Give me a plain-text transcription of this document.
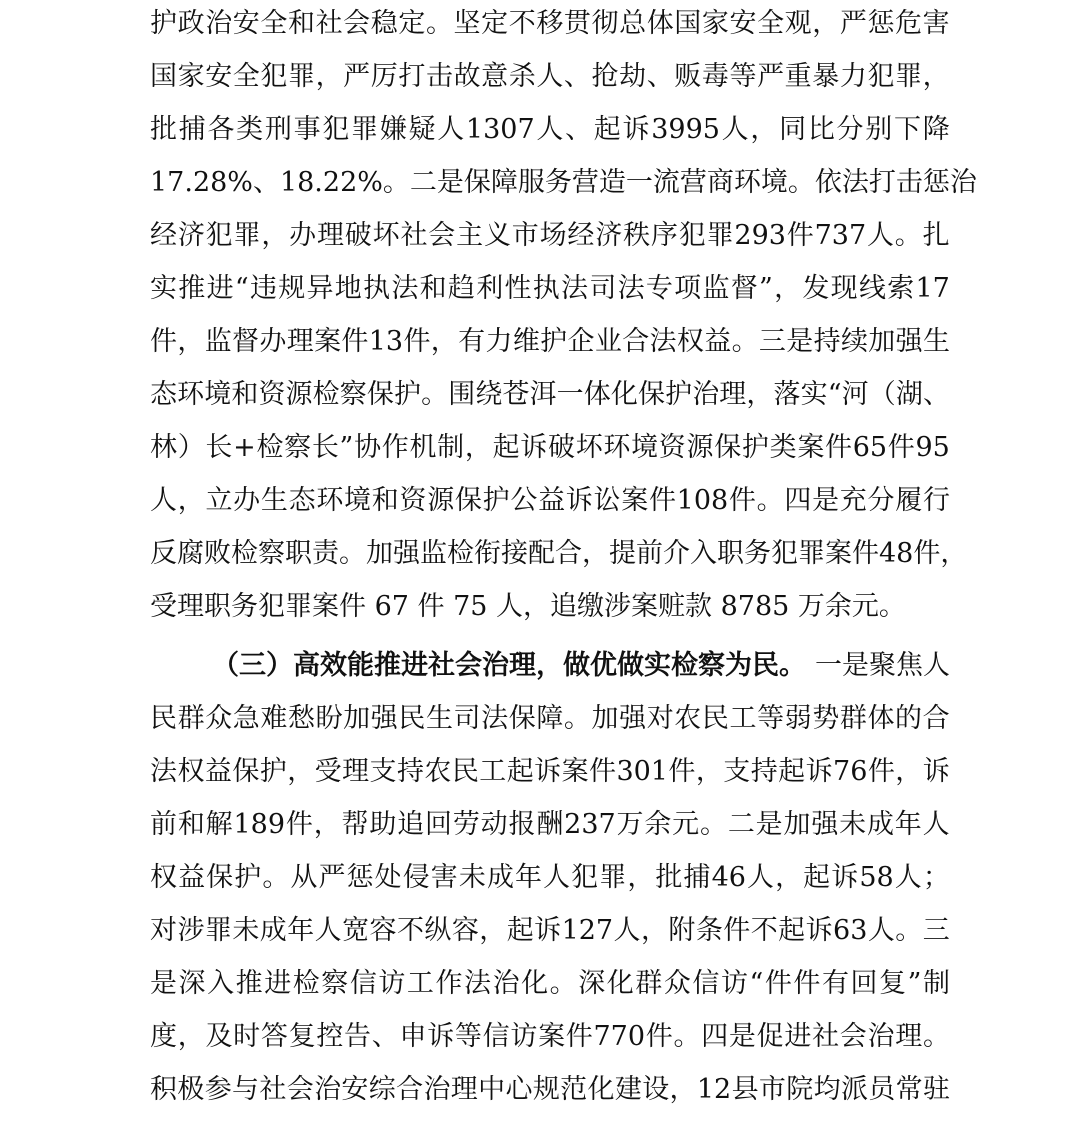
护 政 治 安 全 和 社 会 稳 定 。 坚 定 不 移 贯 彻 总 体 国 家 安 全 观 ， 严 惩 危 害
国 家 安 全 犯 罪 ， 严 厉 打 击 故 意 杀 人 、 抢 劫 、 贩 毒 等 严 重 暴 力 犯 罪 ，
批 捕 各 类 刑 事 犯 罪 嫌 疑 人 1307 人 、 起 诉 3995 人 ， 同 比 分 别 下 降
17.28% 、 18.22% 。 二 是 保 障 服 务 营 造 一 流 营 商 环 境 。 依 法 打 击 惩 治
经 济 犯 罪 ， 办 理 破 坏 社 会 主 义 市 场 经 济 秩 序 犯 罪 293 件 737 人 。 扎
实 推 进 “ 违 规 异 地 执 法 和 趋 利 性 执 法 司 法 专 项 监 督 ” ， 发 现 线 索 17
件 ， 监 督 办 理 案 件 13 件 ， 有 力 维 护 企 业 合 法 权 益 。 三 是 持 续 加 强 生
态 环 境 和 资 源 检 察 保 护 。 围 绕 苍 洱 一 体 化 保 护 治 理 ， 落 实 “ 河 （ 湖 、
林 ） 长 + 检 察 长 ” 协 作 机 制 ， 起 诉 破 坏 环 境 资 源 保 护 类 案 件 65 件 95
人 ， 立 办 生 态 环 境 和 资 源 保 护 公 益 诉 讼 案 件 108 件 。 四 是 充 分 履 行
反 腐 败 检 察 职 责 。 加 强 监 检 衔 接 配 合 ， 提 前 介 入 职 务 犯 罪 案 件 48 件 ，
受理职务犯罪案件 67 件 75 人，追缴涉案赃款 8785 万余元。
（三）高效能推进社会治理，做优做实检察为民。 一是聚焦人
民 群 众 急 难 愁 盼 加 强 民 生 司 法 保 障 。 加 强 对 农 民 工 等 弱 势 群 体 的 合
法 权 益 保 护 ， 受 理 支 持 农 民 工 起 诉 案 件 301 件 ， 支 持 起 诉 76 件 ， 诉
前 和 解 189 件 ， 帮 助 追 回 劳 动 报 酬 237 万 余 元 。 二 是 加 强 未 成 年 人
权 益 保 护 。 从 严 惩 处 侵 害 未 成 年 人 犯 罪 ， 批 捕 46 人 ， 起 诉 58 人 ；
对 涉 罪 未 成 年 人 宽 容 不 纵 容 ， 起 诉 127 人 ， 附 条 件 不 起 诉 63 人 。 三
是 深 入 推 进 检 察 信 访 工 作 法 治 化 。 深 化 群 众 信 访 “ 件 件 有 回 复 ” 制
度 ， 及 时 答 复 控 告 、 申 诉 等 信 访 案 件 770 件 。 四 是 促 进 社 会 治 理 。
积 极 参 与 社 会 治 安 综 合 治 理 中 心 规 范 化 建 设 ， 12 县 市 院 均 派 员 常 驻
